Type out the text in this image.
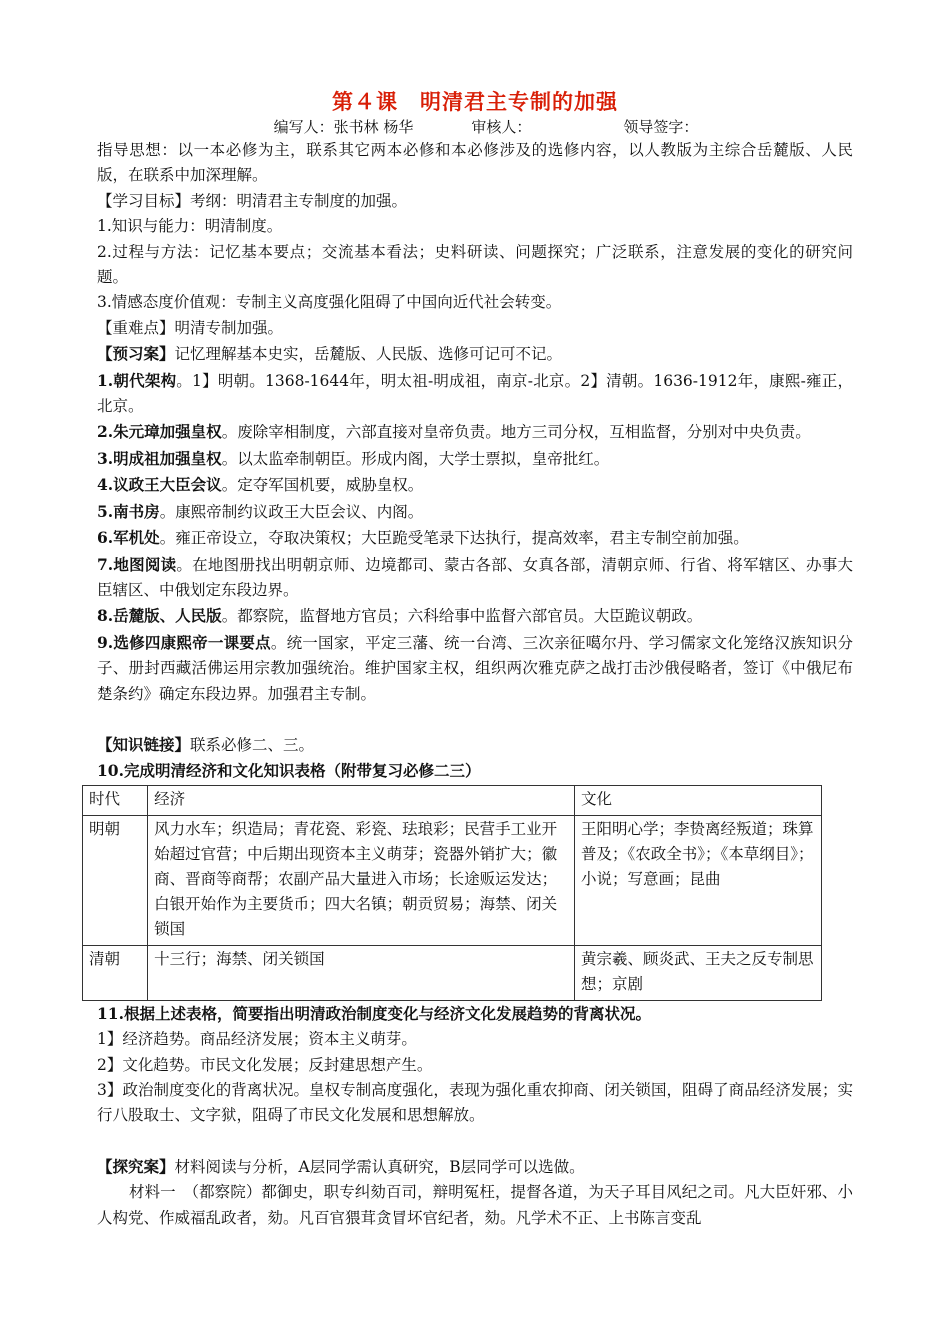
第４课　明清君主专制的加强
编写人：张书林 杨华	审核人：	领导签字：

指导思想：以一本必修为主，联系其它两本必修和本必修涉及的选修内容，以人教版为主综合岳麓版、人民版，在联系中加深理解。

【学习目标】考纲：明清君主专制度的加强。

1.知识与能力：明清制度。

2.过程与方法：记忆基本要点；交流基本看法；史料研读、问题探究；广泛联系，注意发展的变化的研究问题。

3.情感态度价值观：专制主义高度强化阻碍了中国向近代社会转变。

【重难点】明清专制加强。

【预习案】记忆理解基本史实，岳麓版、人民版、选修可记可不记。

1.朝代架构。1】明朝。1368-1644年，明太祖-明成祖，南京-北京。2】清朝。1636-1912年，康熙-雍正，北京。

2.朱元璋加强皇权。废除宰相制度，六部直接对皇帝负责。地方三司分权，互相监督，分别对中央负责。

3.明成祖加强皇权。以太监牵制朝臣。形成内阁，大学士票拟，皇帝批红。

4.议政王大臣会议。定夺军国机要，威胁皇权。

5.南书房。康熙帝制约议政王大臣会议、内阁。

6.军机处。雍正帝设立，夺取决策权；大臣跪受笔录下达执行，提高效率，君主专制空前加强。

7.地图阅读。在地图册找出明朝京师、边境都司、蒙古各部、女真各部，清朝京师、行省、将军辖区、办事大臣辖区、中俄划定东段边界。

8.岳麓版、人民版。都察院，监督地方官员；六科给事中监督六部官员。大臣跪议朝政。

9.选修四康熙帝一课要点。统一国家，平定三藩、统一台湾、三次亲征噶尔丹、学习儒家文化笼络汉族知识分子、册封西藏活佛运用宗教加强统治。维护国家主权，组织两次雅克萨之战打击沙俄侵略者，签订《中俄尼布楚条约》确定东段边界。加强君主专制。

【知识链接】联系必修二、三。

10.完成明清经济和文化知识表格（附带复习必修二三）

时代	经济	文化
明朝	风力水车；织造局；青花瓷、彩瓷、珐琅彩；民营手工业开始超过官营；中后期出现资本主义萌芽；瓷器外销扩大；徽商、晋商等商帮；农副产品大量进入市场；长途贩运发达；白银开始作为主要货币；四大名镇；朝贡贸易；海禁、闭关锁国	王阳明心学；李贽离经叛道；珠算普及；《农政全书》；《本草纲目》；小说；写意画；昆曲
清朝	十三行；海禁、闭关锁国	黄宗羲、顾炎武、王夫之反专制思想；京剧

11.根据上述表格，简要指出明清政治制度变化与经济文化发展趋势的背离状况。

1】经济趋势。商品经济发展；资本主义萌芽。

2】文化趋势。市民文化发展；反封建思想产生。

3】政治制度变化的背离状况。皇权专制高度强化，表现为强化重农抑商、闭关锁国，阻碍了商品经济发展；实行八股取士、文字狱，阻碍了市民文化发展和思想解放。

【探究案】材料阅读与分析，A层同学需认真研究，B层同学可以选做。

材料一　（都察院）都御史，职专纠劾百司，辩明冤枉，提督各道，为天子耳目风纪之司。凡大臣奸邪、小人构党、作威福乱政者，劾。凡百官猥茸贪冒坏官纪者，劾。凡学术不正、上书陈言变乱
